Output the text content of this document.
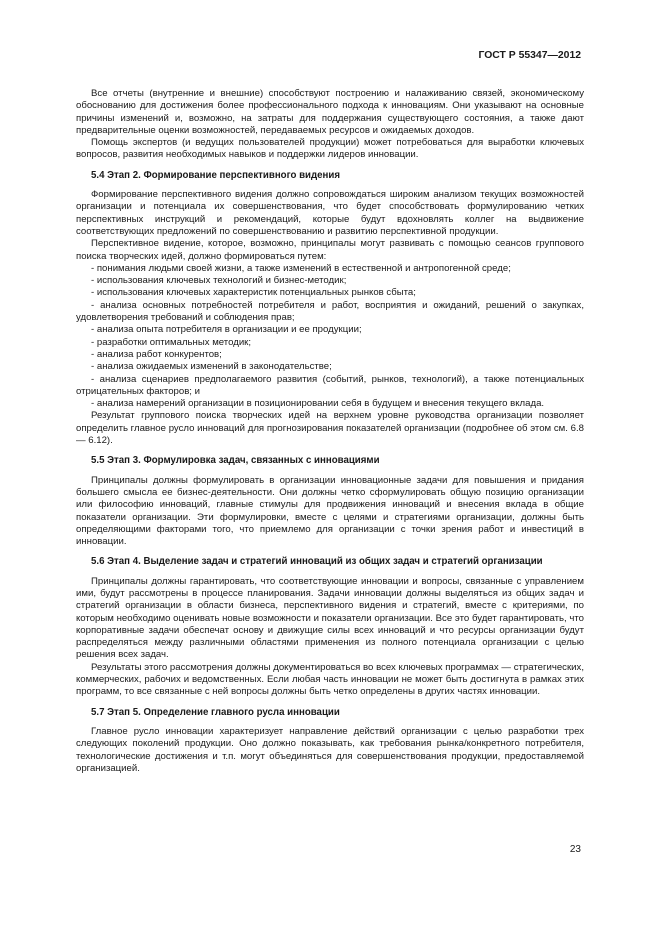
ГОСТ Р 55347—2012

Все отчеты (внутренние и внешние) способствуют построению и налаживанию связей, экономическому обоснованию для достижения более профессионального подхода к инновациям. Они указывают на основные причины изменений и, возможно, на затраты для поддержания существующего состояния, а также дают предварительные оценки возможностей, передаваемых ресурсов и ожидаемых доходов.

Помощь экспертов (и ведущих пользователей продукции) может потребоваться для выработки ключевых вопросов, развития необходимых навыков и поддержки лидеров инновации.

5.4 Этап 2. Формирование перспективного видения

Формирование перспективного видения должно сопровождаться широким анализом текущих возможностей организации и потенциала их совершенствования, что будет способствовать формулированию четких перспективных инструкций и рекомендаций, которые будут вдохновлять коллег на выдвижение соответствующих предложений по совершенствованию и развитию перспективной продукции.

Перспективное видение, которое, возможно, принципалы могут развивать с помощью сеансов группового поиска творческих идей, должно формироваться путем:

- понимания людьми своей жизни, а также изменений в естественной и антропогенной среде;

- использования ключевых технологий и бизнес-методик;

- использования ключевых характеристик потенциальных рынков сбыта;

- анализа основных потребностей потребителя и работ, восприятия и ожиданий, решений о закупках, удовлетворения требований и соблюдения прав;

- анализа опыта потребителя в организации и ее продукции;

- разработки оптимальных методик;

- анализа работ конкурентов;

- анализа ожидаемых изменений в законодательстве;

- анализа сценариев предполагаемого развития (событий, рынков, технологий), а также потенциальных отрицательных факторов; и

- анализа намерений организации в позиционировании себя в будущем и внесения текущего вклада.

Результат группового поиска творческих идей на верхнем уровне руководства организации позволяет определить главное русло инноваций для прогнозирования показателей организации (подробнее об этом см. 6.8 — 6.12).

5.5 Этап 3. Формулировка задач, связанных с инновациями

Принципалы должны формулировать в организации инновационные задачи для повышения и придания большего смысла ее бизнес-деятельности. Они должны четко сформулировать общую позицию организации или философию инноваций, главные стимулы для продвижения инноваций и внесения вклада в общие показатели организации. Эти формулировки, вместе с целями и стратегиями организации, должны быть определяющими факторами того, что приемлемо для организации с точки зрения работ и инвестиций в инновации.

5.6 Этап 4. Выделение задач и стратегий инноваций из общих задач и стратегий организации

Принципалы должны гарантировать, что соответствующие инновации и вопросы, связанные с управлением ими, будут рассмотрены в процессе планирования. Задачи инновации должны выделяться из общих задач и стратегий организации в области бизнеса, перспективного видения и стратегий, вместе с критериями, по которым необходимо оценивать новые возможности и показатели организации. Все это будет гарантировать, что корпоративные задачи обеспечат основу и движущие силы всех инноваций и что ресурсы организации будут распределяться между различными областями применения из полного потенциала организации с целью решения всех задач.

Результаты этого рассмотрения должны документироваться во всех ключевых программах — стратегических, коммерческих, рабочих и ведомственных. Если любая часть инновации не может быть достигнута в рамках этих программ, то все связанные с ней вопросы должны быть четко определены в других частях инновации.

5.7 Этап 5. Определение главного русла инновации

Главное русло инновации характеризует направление действий организации с целью разработки трех следующих поколений продукции. Оно должно показывать, как требования рынка/конкретного потребителя, технологические достижения и т.п. могут объединяться для совершенствования продукции, предоставляемой организацией.

23
